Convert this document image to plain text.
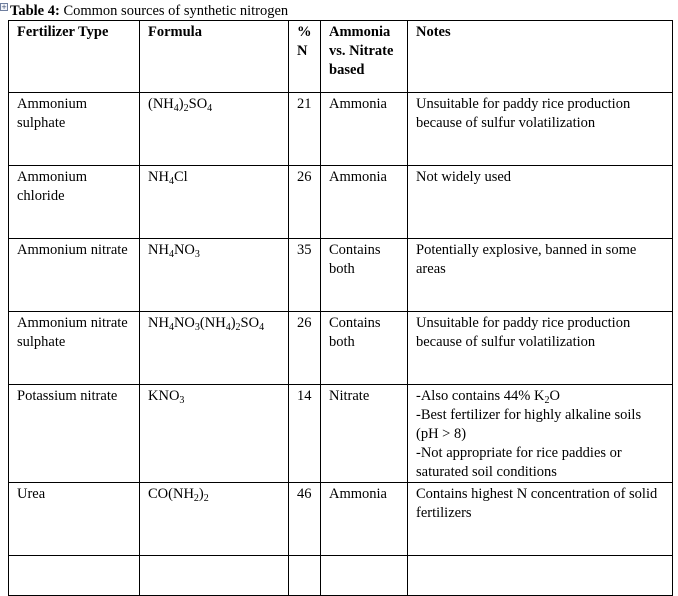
+ Table 4: Common sources of synthetic nitrogen
Fertilizer Type	Formula	% N	Ammonia vs. Nitrate based	Notes
Ammonium sulphate	$(NH_4)_2SO_4$	21	Ammonia	Unsuitable for paddy rice production because of sulfur volatilization
Ammonium chloride	$NH_4Cl$	26	Ammonia	Not widely used
Ammonium nitrate	$NH_4NO_3$	35	Contains both	Potentially explosive, banned in some areas
Ammonium nitrate sulphate	$NH_4NO_3(NH_4)_2SO_4$	26	Contains both	Unsuitable for paddy rice production because of sulfur volatilization
Potassium nitrate	$KNO_3$	14	Nitrate	-Also contains 44% $K_2O$
-Best fertilizer for highly alkaline soils (pH > 8)
-Not appropriate for rice paddies or saturated soil conditions

Urea	$CO(NH_2)_2$	46	Ammonia	Contains highest N concentration of solid fertilizers
